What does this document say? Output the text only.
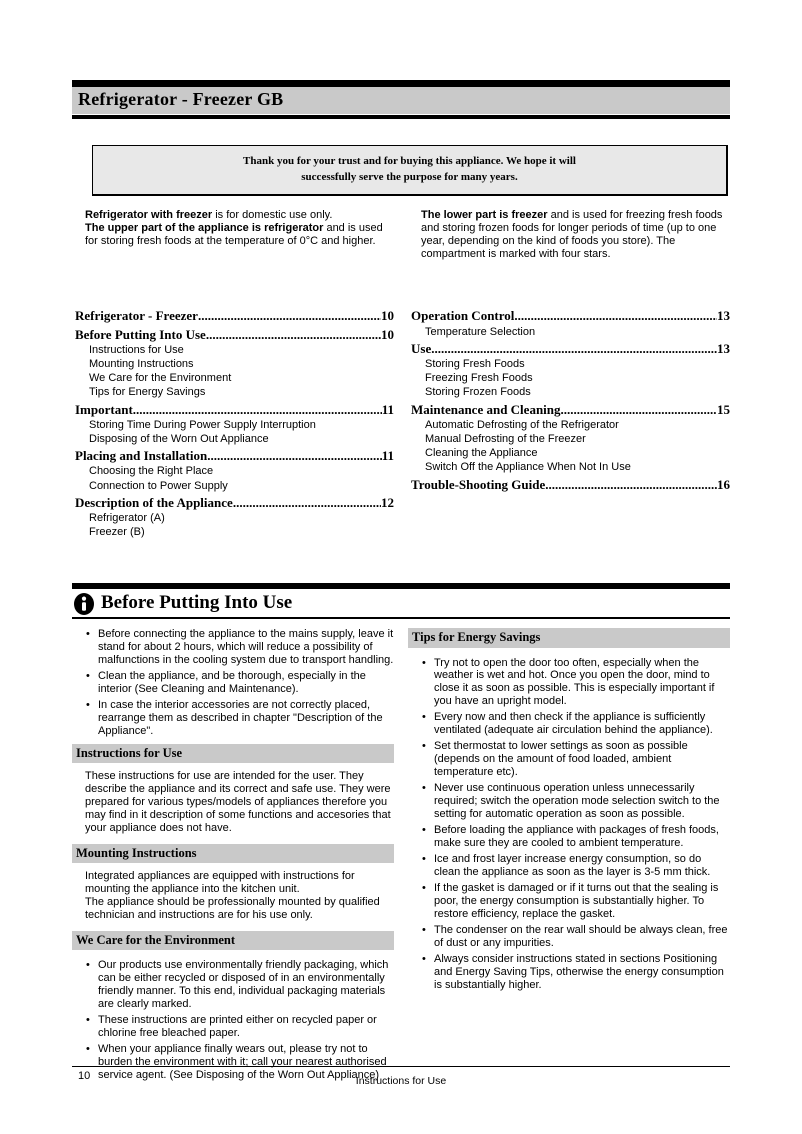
Refrigerator - Freezer GB

Thank you for your trust and for buying this appliance. We hope it will

successfully serve the purpose for many years.

Refrigerator with freezer is for domestic use only.

The upper part of the appliance is refrigerator and is used for storing fresh foods at the temperature of 0°C and higher.

The lower part is freezer and is used for freezing fresh foods and storing frozen foods for longer periods of time (up to one year, depending on the kind of foods you store). The compartment is marked with four stars.

Refrigerator - Freezer .....	10
Before Putting Into Use .....	10
Instructions for Use
Mounting Instructions
We Care for the Environment
Tips for Energy Savings
Important .....	11
Storing Time During Power Supply Interruption
Disposing of the Worn Out Appliance
Placing and Installation .....	11
Choosing the Right Place
Connection to Power Supply
Description of the Appliance .....	12
Refrigerator (A)
Freezer (B)
Operation Control .....	13
Temperature Selection
Use .....	13
Storing Fresh Foods
Freezing Fresh Foods
Storing Frozen Foods
Maintenance and Cleaning .....	15
Automatic Defrosting of the Refrigerator
Manual Defrosting of the Freezer
Cleaning the Appliance
Switch Off the Appliance When Not In Use
Trouble-Shooting Guide .....	16
Before Putting Into Use
• Before connecting the appliance to the mains supply, leave it stand for about 2 hours, which will reduce a possibility of malfunctions in the cooling system due to transport handling.
• Clean the appliance, and be thorough, especially in the interior (See Cleaning and Maintenance).
• In case the interior accessories are not correctly placed, rearrange them as described in chapter "Description of the Appliance".
Instructions for Use

These instructions for use are intended for the user. They describe the appliance and its correct and safe use. They were prepared for various types/models of appliances therefore you may find in it description of some functions and accesories that your appliance does not have.

Mounting Instructions

Integrated appliances are equipped with instructions for mounting the appliance into the kitchen unit.

The appliance should be professionally mounted by qualified technician and instructions are for his use only.

We Care for the Environment
• Our products use environmentally friendly packaging, which can be either recycled or disposed of in an environmentally friendly manner. To this end, individual packaging materials are clearly marked.
• These instructions are printed either on recycled paper or chlorine free bleached paper.
• When your appliance finally wears out, please try not to burden the environment with it; call your nearest authorised service agent. (See Disposing of the Worn Out Appliance)
Tips for Energy Savings
• Try not to open the door too often, especially when the weather is wet and hot. Once you open the door, mind to close it as soon as possible. This is especially important if you have an upright model.
• Every now and then check if the appliance is sufficiently ventilated (adequate air circulation behind the appliance).
• Set thermostat to lower settings as soon as possible (depends on the amount of food loaded, ambient temperature etc).
• Never use continuous operation unless unnecessarily required; switch the operation mode selection switch to the setting for automatic operation as soon as possible.
• Before loading the appliance with packages of fresh foods, make sure they are cooled to ambient temperature.
• Ice and frost layer increase energy consumption, so do clean the appliance as soon as the layer is 3-5 mm thick.
• If the gasket is damaged or if it turns out that the sealing is poor, the energy consumption is substantially higher. To restore efficiency, replace the gasket.
• The condenser on the rear wall should be always clean, free of dust or any impurities.
• Always consider instructions stated in sections Positioning and Energy Saving Tips, otherwise the energy consumption is substantially higher.
10	Instructions for Use
